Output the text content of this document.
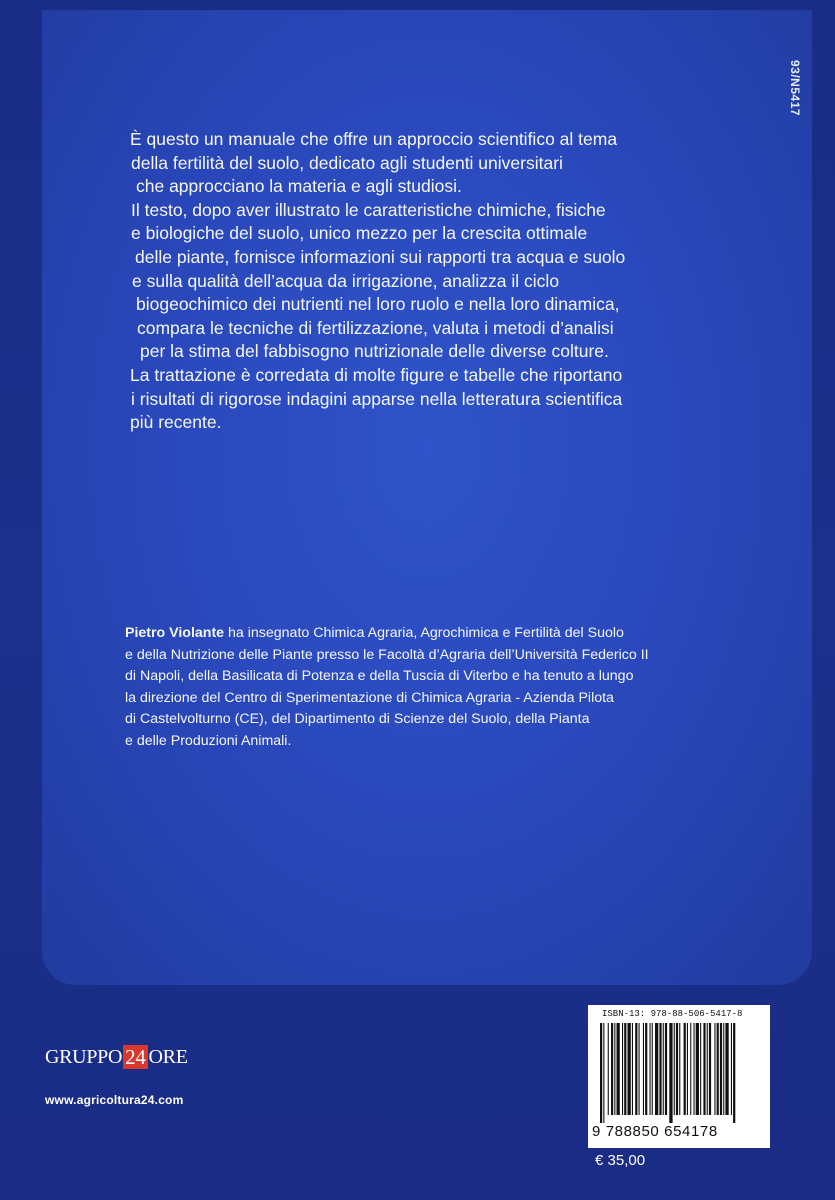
93/N5417
È questo un manuale che offre un approccio scientifico al tema
della fertilità del suolo, dedicato agli studenti universitari
che approcciano la materia e agli studiosi.
Il testo, dopo aver illustrato le caratteristiche chimiche, fisiche
e biologiche del suolo, unico mezzo per la crescita ottimale
delle piante, fornisce informazioni sui rapporti tra acqua e suolo
e sulla qualità dell’acqua da irrigazione, analizza il ciclo
biogeochimico dei nutrienti nel loro ruolo e nella loro dinamica,
compara le tecniche di fertilizzazione, valuta i metodi d’analisi
per la stima del fabbisogno nutrizionale delle diverse colture.
La trattazione è corredata di molte figure e tabelle che riportano
i risultati di rigorose indagini apparse nella letteratura scientifica
più recente.
Pietro Violante ha insegnato Chimica Agraria, Agrochimica e Fertilità del Suolo
e della Nutrizione delle Piante presso le Facoltà d’Agraria dell’Università Federico II
di Napoli, della Basilicata di Potenza e della Tuscia di Viterbo e ha tenuto a lungo
la direzione del Centro di Sperimentazione di Chimica Agraria - Azienda Pilota
di Castelvolturno (CE), del Dipartimento di Scienze del Suolo, della Pianta
e delle Produzioni Animali.
GRUPPO 24 ORE
www.agricoltura24.com
ISBN-13: 978-88-506-5417-8
9 788850 654178
€ 35,00
